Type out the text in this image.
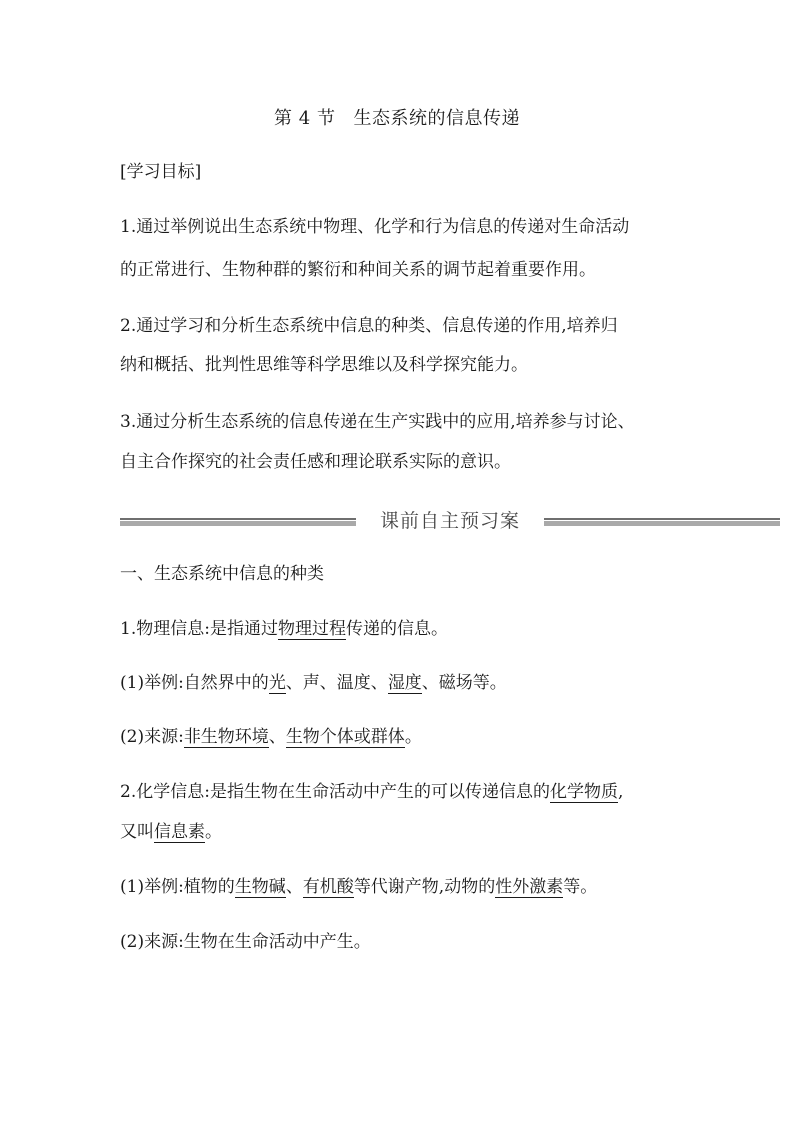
第 4 节 生态系统的信息传递
[学习目标]
1.通过举例说出生态系统中物理、化学和行为信息的传递对生命活动
的正常进行、生物种群的繁衍和种间关系的调节起着重要作用。
2.通过学习和分析生态系统中信息的种类、信息传递的作用,培养归
纳和概括、批判性思维等科学思维以及科学探究能力。
3.通过分析生态系统的信息传递在生产实践中的应用,培养参与讨论、
自主合作探究的社会责任感和理论联系实际的意识。
课前自主预习案
一、生态系统中信息的种类
1.物理信息:是指通过物理过程传递的信息。
(1)举例:自然界中的光、声、温度、湿度、磁场等。
(2)来源:非生物环境、生物个体或群体。
2.化学信息:是指生物在生命活动中产生的可以传递信息的化学物质,
又叫信息素。
(1)举例:植物的生物碱、有机酸等代谢产物,动物的性外激素等。
(2)来源:生物在生命活动中产生。
